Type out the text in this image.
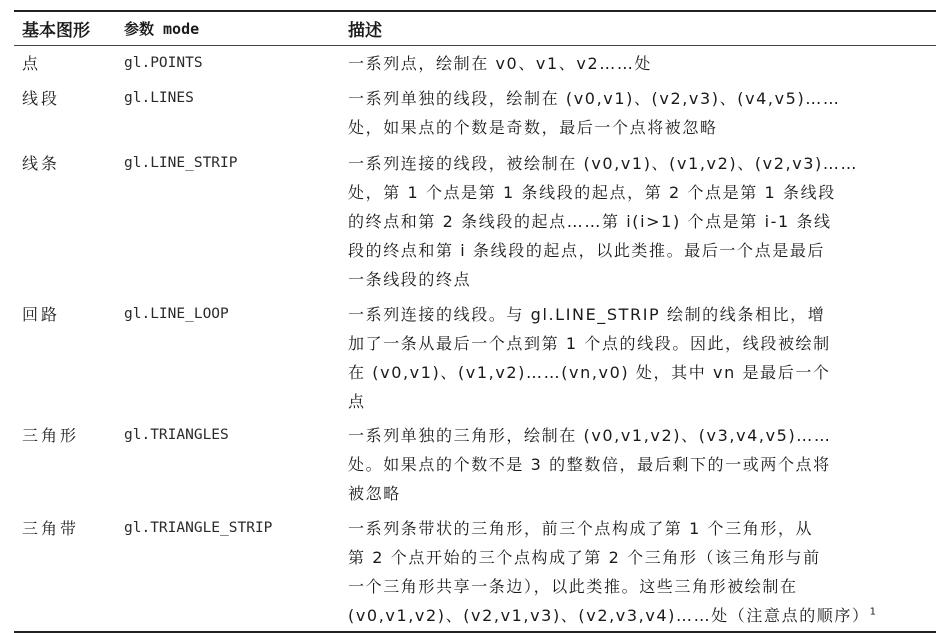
基本图形	参数 mode	描述
点	gl.POINTS	一系列点，绘制在 v0、v1、v2……处

线段	gl.LINES	一系列单独的线段，绘制在 (v0,v1)、(v2,v3)、(v4,v5)……

处，如果点的个数是奇数，最后一个点将被忽略

线条	gl.LINE_STRIP	一系列连接的线段，被绘制在 (v0,v1)、(v1,v2)、(v2,v3)……

处，第 1 个点是第 1 条线段的起点，第 2 个点是第 1 条线段

的终点和第 2 条线段的起点……第 i(i>1) 个点是第 i-1 条线

段的终点和第 i 条线段的起点，以此类推。最后一个点是最后

一条线段的终点

回路	gl.LINE_LOOP	一系列连接的线段。与 gl.LINE_STRIP 绘制的线条相比，增

加了一条从最后一个点到第 1 个点的线段。因此，线段被绘制

在 (v0,v1)、(v1,v2)……(vn,v0) 处，其中 vn 是最后一个

点

三角形	gl.TRIANGLES	一系列单独的三角形，绘制在 (v0,v1,v2)、(v3,v4,v5)……

处。如果点的个数不是 3 的整数倍，最后剩下的一或两个点将

被忽略

三角带	gl.TRIANGLE_STRIP	一系列条带状的三角形，前三个点构成了第 1 个三角形，从

第 2 个点开始的三个点构成了第 2 个三角形（该三角形与前

一个三角形共享一条边），以此类推。这些三角形被绘制在

(v0,v1,v2)、(v2,v1,v3)、(v2,v3,v4)……处（注意点的顺序）$^1$
